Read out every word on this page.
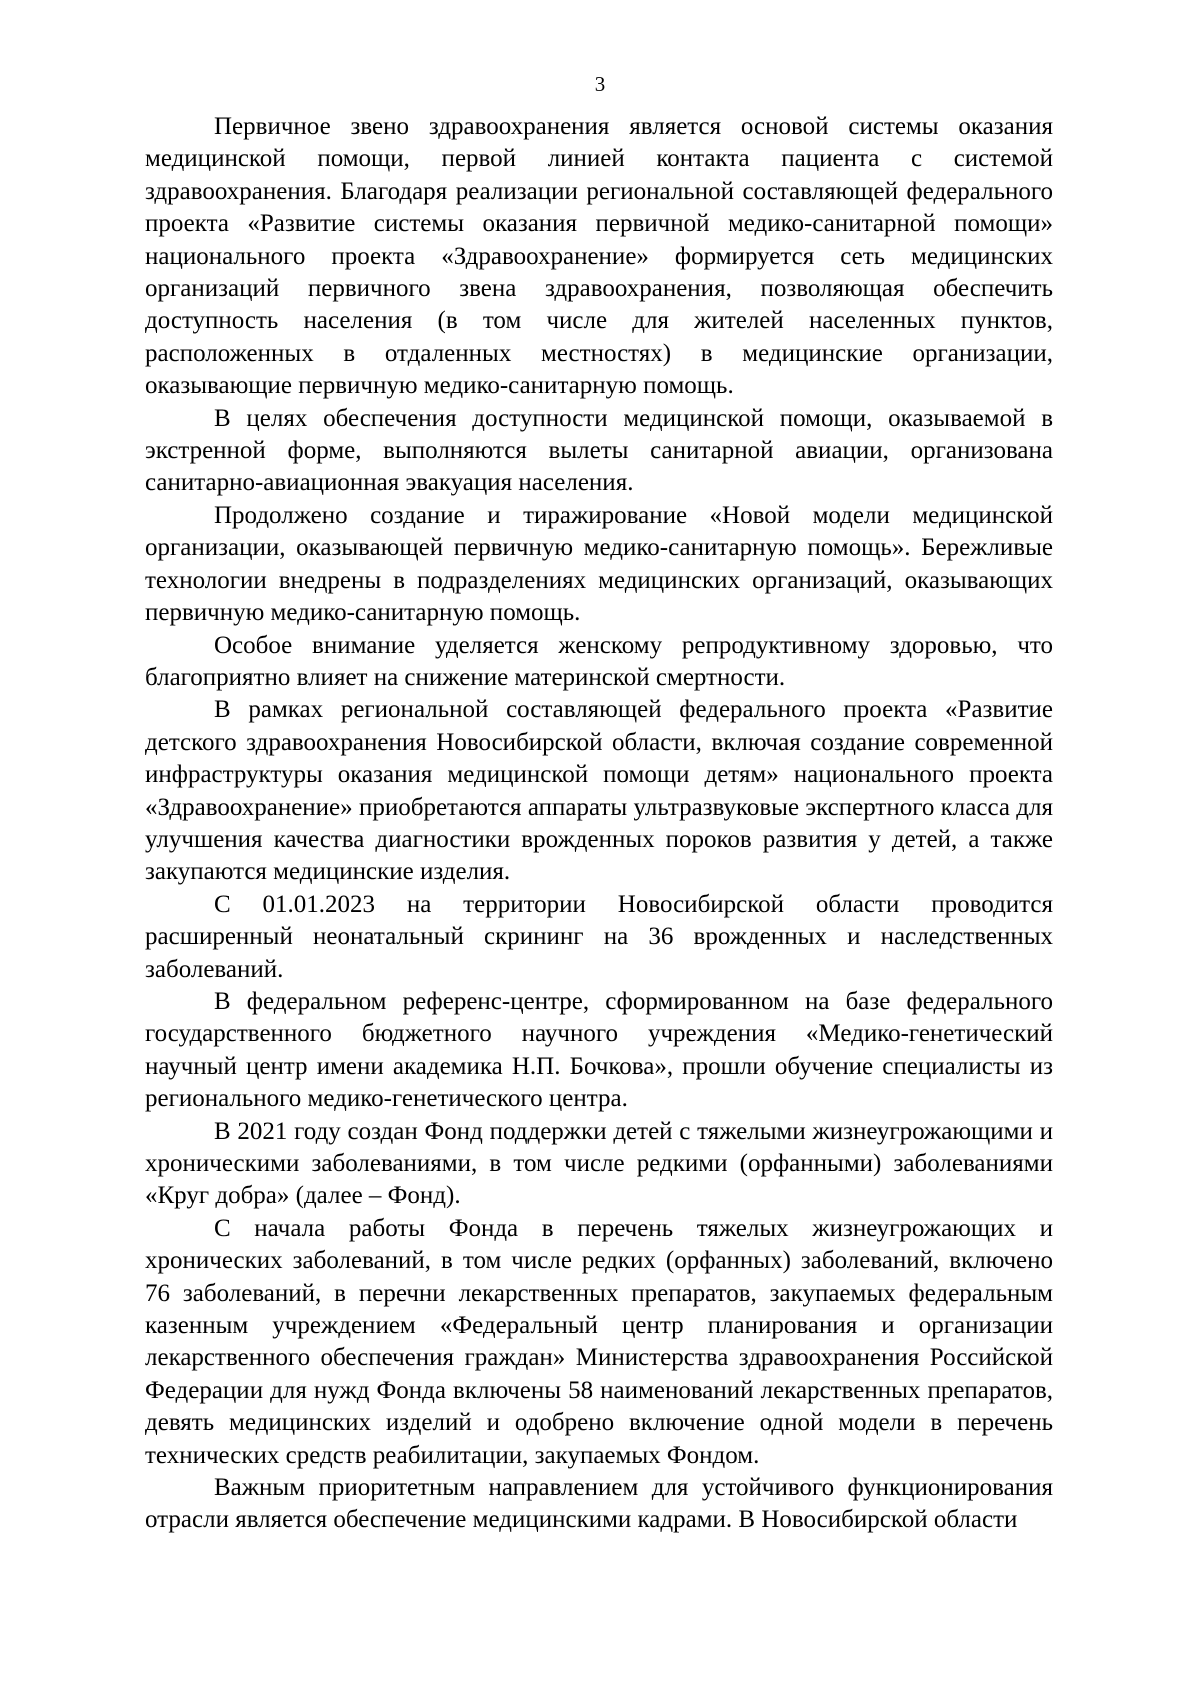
3

Первичное звено здравоохранения является основой системы оказания медицинской помощи, первой линией контакта пациента с системой здравоохранения. Благодаря реализации региональной составляющей федерального проекта «Развитие системы оказания первичной медико-санитарной помощи» национального проекта «Здравоохранение» формируется сеть медицинских организаций первичного звена здравоохранения, позволяющая обеспечить доступность населения (в том числе для жителей населенных пунктов, расположенных в отдаленных местностях) в медицинские организации, оказывающие первичную медико-санитарную помощь.

В целях обеспечения доступности медицинской помощи, оказываемой в экстренной форме, выполняются вылеты санитарной авиации, организована санитарно-авиационная эвакуация населения.

Продолжено создание и тиражирование «Новой модели медицинской организации, оказывающей первичную медико-санитарную помощь». Бережливые технологии внедрены в подразделениях медицинских организаций, оказывающих первичную медико-санитарную помощь.

Особое внимание уделяется женскому репродуктивному здоровью, что благоприятно влияет на снижение материнской смертности.

В рамках региональной составляющей федерального проекта «Развитие детского здравоохранения Новосибирской области, включая создание современной инфраструктуры оказания медицинской помощи детям» национального проекта «Здравоохранение» приобретаются аппараты ультразвуковые экспертного класса для улучшения качества диагностики врожденных пороков развития у детей, а также закупаются медицинские изделия.

С 01.01.2023 на территории Новосибирской области проводится расширенный неонатальный скрининг на 36 врожденных и наследственных заболеваний.

В федеральном референс-центре, сформированном на базе федерального государственного бюджетного научного учреждения «Медико-генетический научный центр имени академика Н.П. Бочкова», прошли обучение специалисты из регионального медико-генетического центра.

В 2021 году создан Фонд поддержки детей с тяжелыми жизнеугрожающими и хроническими заболеваниями, в том числе редкими (орфанными) заболеваниями «Круг добра» (далее – Фонд).

С начала работы Фонда в перечень тяжелых жизнеугрожающих и хронических заболеваний, в том числе редких (орфанных) заболеваний, включено 76 заболеваний, в перечни лекарственных препаратов, закупаемых федеральным казенным учреждением «Федеральный центр планирования и организации лекарственного обеспечения граждан» Министерства здравоохранения Российской Федерации для нужд Фонда включены 58 наименований лекарственных препаратов, девять медицинских изделий и одобрено включение одной модели в перечень технических средств реабилитации, закупаемых Фондом.

Важным приоритетным направлением для устойчивого функционирования отрасли является обеспечение медицинскими кадрами. В Новосибирской области
